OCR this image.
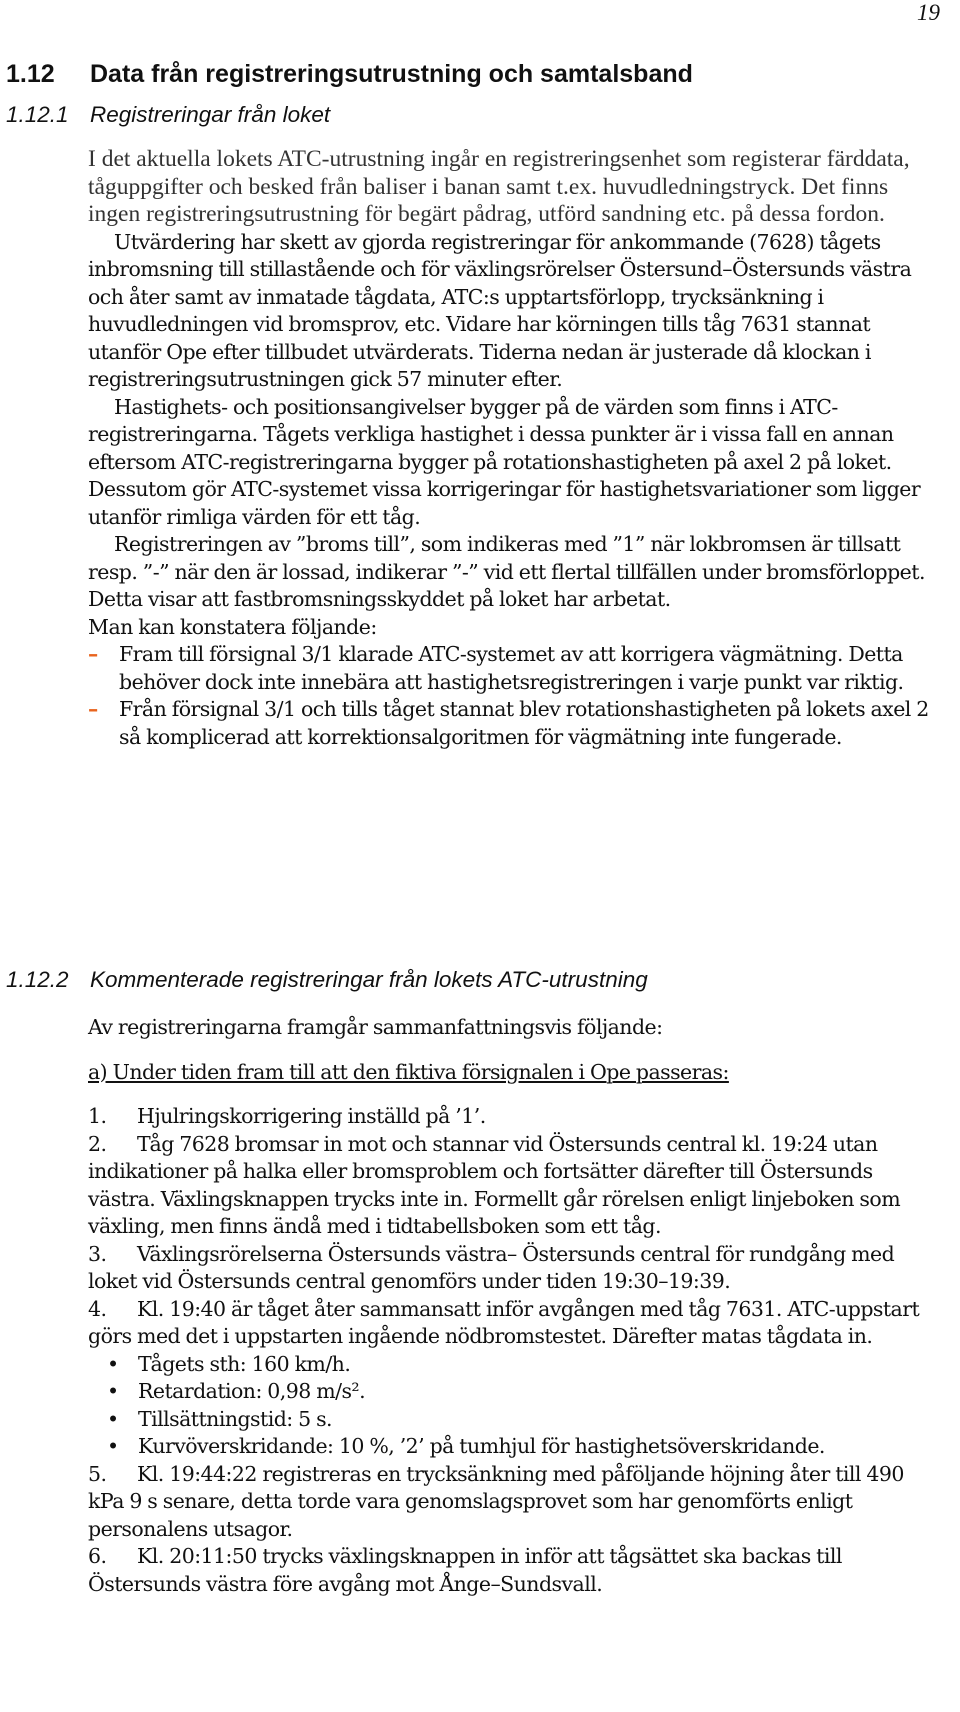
19
1.12 Data från registreringsutrustning och samtalsband
1.12.1 Registreringar från loket

I det aktuella lokets ATC-utrustning ingår en registreringsenhet som registerar färddata, tåguppgifter och besked från baliser i banan samt t.ex. huvudledningstryck. Det finns ingen registreringsutrustning för begärt pådrag, utförd sandning etc. på dessa fordon.

Utvärdering har skett av gjorda registreringar för ankommande (7628) tågets inbromsning till stillastående och för växlingsrörelser Östersund–Östersunds västra och åter samt av inmatade tågdata, ATC:s upptartsförlopp, trycksänkning i huvudledningen vid bromsprov, etc. Vidare har körningen tills tåg 7631 stannat utanför Ope efter tillbudet utvärderats. Tiderna nedan är justerade då klockan i registreringsutrustningen gick 57 minuter efter.

Hastighets- och positionsangivelser bygger på de värden som finns i ATC-registreringarna. Tågets verkliga hastighet i dessa punkter är i vissa fall en annan eftersom ATC-registreringarna bygger på rotationshastigheten på axel 2 på loket. Dessutom gör ATC-systemet vissa korrigeringar för hastighetsvariationer som ligger utanför rimliga värden för ett tåg.

Registreringen av ”broms till”, som indikeras med ”1” när lokbromsen är tillsatt resp. ”-” när den är lossad, indikerar ”-” vid ett flertal tillfällen under bromsförloppet. Detta visar att fastbromsningsskyddet på loket har arbetat.

Man kan konstatera följande:

– Fram till försignal 3/1 klarade ATC-systemet av att korrigera vägmätning. Detta behöver dock inte innebära att hastighetsregistreringen i varje punkt var riktig.
– Från försignal 3/1 och tills tåget stannat blev rotationshastigheten på lokets axel 2 så komplicerad att korrektionsalgoritmen för vägmätning inte fungerade.
1.12.2 Kommenterade registreringar från lokets ATC-utrustning

Av registreringarna framgår sammanfattningsvis följande:

a) Under tiden fram till att den fiktiva försignalen i Ope passeras:

1. Hjulringskorrigering inställd på ’1’.

2. Tåg 7628 bromsar in mot och stannar vid Östersunds central kl. 19:24 utan indikationer på halka eller bromsproblem och fortsätter därefter till Östersunds västra. Växlingsknappen trycks inte in. Formellt går rörelsen enligt linjeboken som växling, men finns ändå med i tidtabellsboken som ett tåg.

3. Växlingsrörelserna Östersunds västra– Östersunds central för rundgång med loket vid Östersunds central genomförs under tiden 19:30–19:39.

4. Kl. 19:40 är tåget åter sammansatt inför avgången med tåg 7631. ATC-uppstart görs med det i uppstarten ingående nödbromstestet. Därefter matas tågdata in.

• Tågets sth: 160 km/h.
• Retardation: 0,98 m/s².
• Tillsättningstid: 5 s.
• Kurvöverskridande: 10 %, ’2’ på tumhjul för hastighetsöverskridande.

5. Kl. 19:44:22 registreras en trycksänkning med påföljande höjning åter till 490 kPa 9 s senare, detta torde vara genomslagsprovet som har genomförts enligt personalens utsagor.

6. Kl. 20:11:50 trycks växlingsknappen in inför att tågsättet ska backas till Östersunds västra före avgång mot Ånge–Sundsvall.
